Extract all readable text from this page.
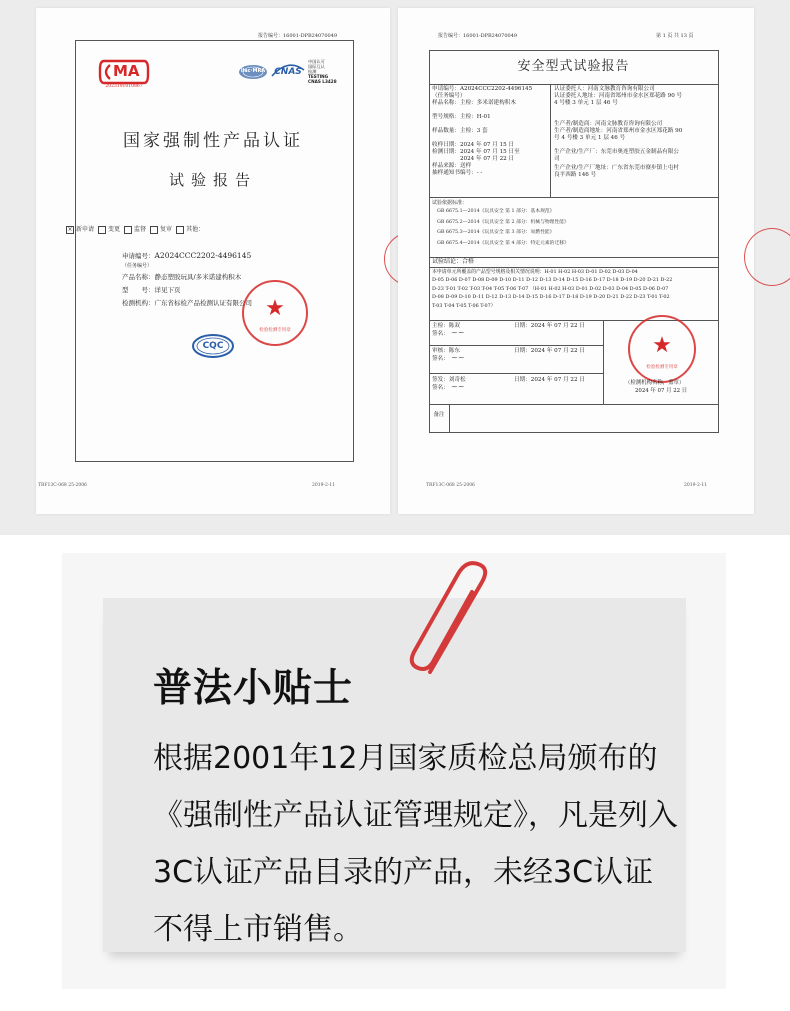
报告编号：16001-DPB24070049
MA
2023191010867
ilac·MRA	CNAS
中国认可
国际互认
检测
TESTING
CNAS L3428
国家强制性产品认证
试验报告
× 新申请 变更 监督 复审 其他：
申请编号：A2024CCC2202-4496145
（任务编号）
产品名称：静态塑胶玩具/多米诺建构积木
型　　号：详见下页
检测机构：广东省标检产品检测认证有限公司 ★
检验检测专用章
CQC
TRF13C-068 25-2006	2019-2-11
报告编号：16001-DPB24070049	第 1 页 共 13 页
安全型式试验报告
申请编号：A2024CCC2202-4496145
（任务编号）
样品名称：主检：多米诺建构积木
型号规格：主检：H-01
样品数量：主检：3 套
收样日期：2024 年 07 月 15 日
检测日期：2024 年 07 月 15 日至
　　　　　2024 年 07 月 22 日
样品来源：送样
抽样通知书编号：- -
认证委托人：河南文脉教育咨询有限公司
认证委托人地址：河南省郑州市金水区郑花路 90 号
4 号楼 3 单元 1 层 46 号
生产者/制造商：河南文脉教育咨询有限公司
生产者/制造商地址：河南省郑州市金水区郑花路 90
号 4 号楼 3 单元 1 层 46 号
生产企业/生产厂：东莞市奥连塑胶五金制品有限公
司
生产企业/生产厂地址：广东省东莞市寮步镇上屯村
良平西路 146 号
试验依据标准：
GB 6675.1—2014《玩具安全 第 1 部分：基本规范》
GB 6675.2—2014《玩具安全 第 2 部分：机械与物理性能》
GB 6675.3—2014《玩具安全 第 3 部分：易燃性能》
GB 6675.4—2014《玩具安全 第 4 部分：特定元素的迁移》
试验结论：合格
本申请单元所覆盖的产品型号规格及相关情况说明：H-01 H-02 H-03 D-01 D-02 D-03 D-04
D-05 D-06 D-07 D-08 D-09 D-10 D-11 D-12 D-13 D-14 D-15 D-16 D-17 D-18 D-19 D-20 D-21 D-22
D-23 T-01 T-02 T-03 T-04 T-05 T-06 T-07 （H-01 H-02 H-03 D-01 D-02 D-03 D-04 D-05 D-06 D-07
D-08 D-09 D-10 D-11 D-12 D-13 D-14 D-15 D-16 D-17 D-18 D-19 D-20 D-21 D-22 D-23 T-01 T-02
T-03 T-04 T-05 T-06 T-07）
主检：陈双
签名： ~~
日期：2024 年 07 月 22 日
审核：陈东
签名： ~~
日期：2024 年 07 月 22 日
签发：刘奇松
签名： ~~
日期：2024 年 07 月 22 日
★
检验检测专用章
（检测机构名称，盖章）
2024 年 07 月 22 日
备注
TRF13C-068 25-2006	2019-2-11
普法小贴士
根据2001年12月国家质检总局颁布的
《强制性产品认证管理规定》，凡是列入
3C认证产品目录的产品，未经3C认证
不得上市销售。
